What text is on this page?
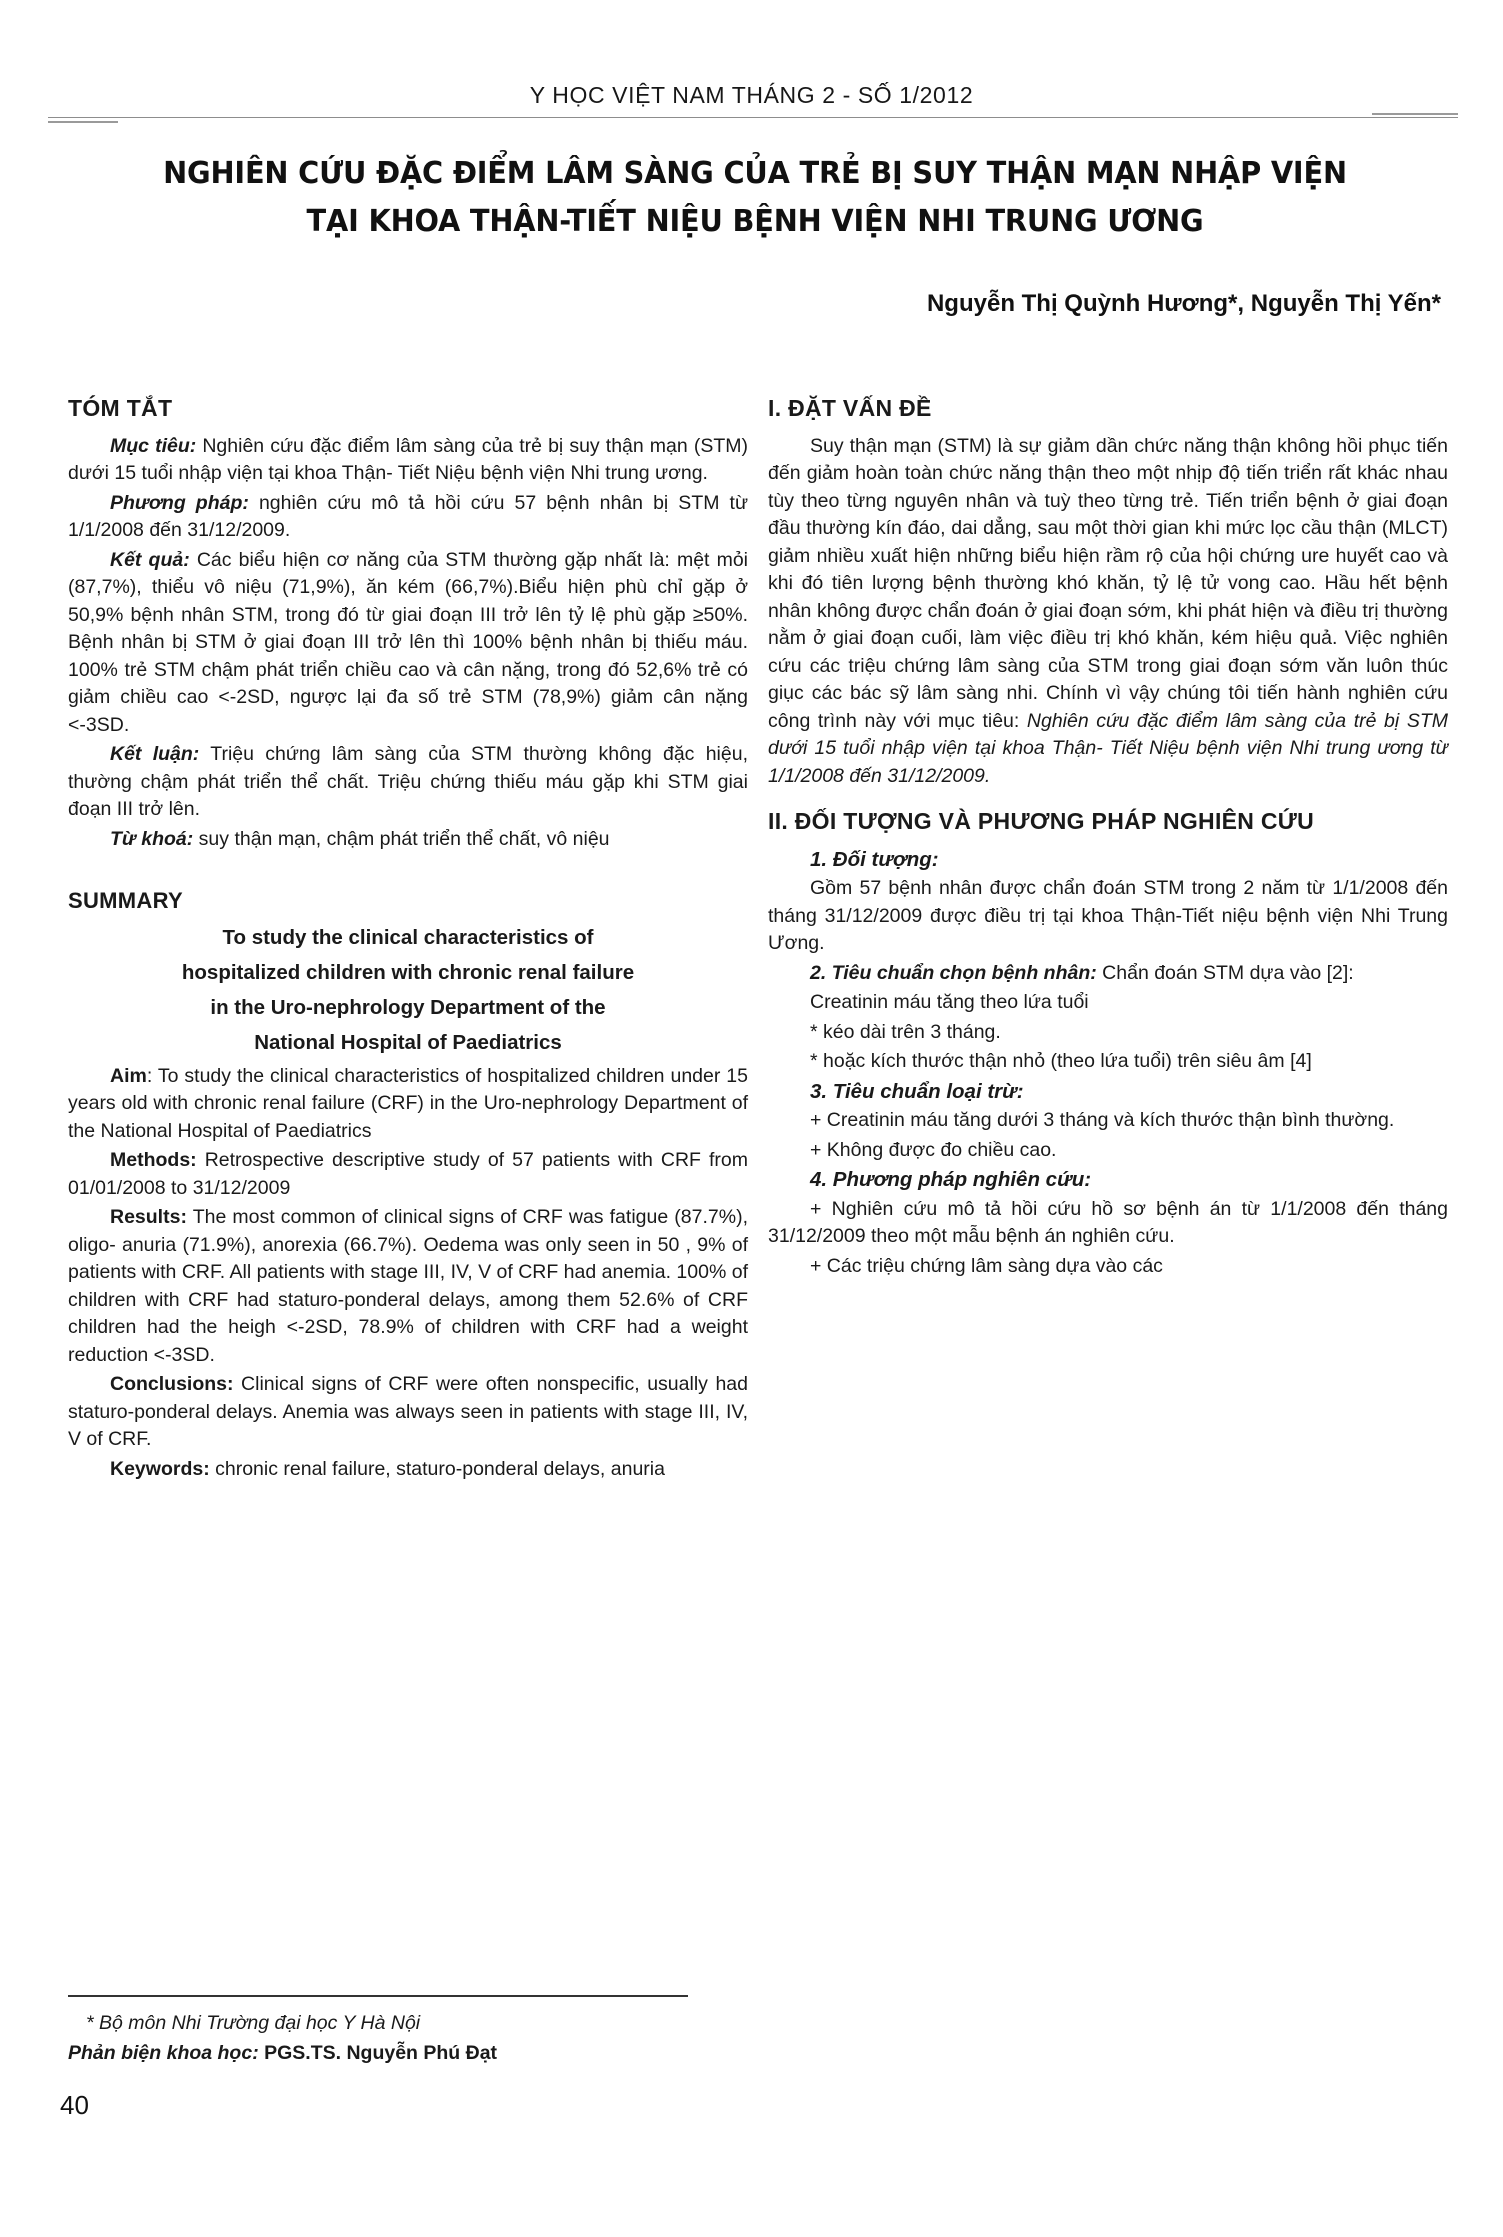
Y HỌC VIỆT NAM THÁNG 2 - SỐ 1/2012
NGHIÊN CỨU ĐẶC ĐIỂM LÂM SÀNG CỦA TRẺ BỊ SUY THẬN MẠN NHẬP VIỆN
TẠI KHOA THẬN-TIẾT NIỆU BỆNH VIỆN NHI TRUNG ƯƠNG
Nguyễn Thị Quỳnh Hương*, Nguyễn Thị Yến*
TÓM TẮT

Mục tiêu: Nghiên cứu đặc điểm lâm sàng của trẻ bị suy thận mạn (STM) dưới 15 tuổi nhập viện tại khoa Thận- Tiết Niệu bệnh viện Nhi trung ương.

Phương pháp: nghiên cứu mô tả hồi cứu 57 bệnh nhân bị STM từ 1/1/2008 đến 31/12/2009.

Kết quả: Các biểu hiện cơ năng của STM thường gặp nhất là: mệt mỏi (87,7%), thiểu vô niệu (71,9%), ăn kém (66,7%).Biểu hiện phù chỉ gặp ở 50,9% bệnh nhân STM, trong đó từ giai đoạn III trở lên tỷ lệ phù gặp ≥50%. Bệnh nhân bị STM ở giai đoạn III trở lên thì 100% bệnh nhân bị thiếu máu. 100% trẻ STM chậm phát triển chiều cao và cân nặng, trong đó 52,6% trẻ có giảm chiều cao <-2SD, ngược lại đa số trẻ STM (78,9%) giảm cân nặng <-3SD.

Kết luận: Triệu chứng lâm sàng của STM thường không đặc hiệu, thường chậm phát triển thể chất. Triệu chứng thiếu máu gặp khi STM giai đoạn III trở lên.

Từ khoá: suy thận mạn, chậm phát triển thể chất, vô niệu

SUMMARY

To study the clinical characteristics of

hospitalized children with chronic renal failure

in the Uro-nephrology Department of the

National Hospital of Paediatrics

Aim: To study the clinical characteristics of hospitalized children under 15 years old with chronic renal failure (CRF) in the Uro-nephrology Department of the National Hospital of Paediatrics

Methods: Retrospective descriptive study of 57 patients with CRF from 01/01/2008 to 31/12/2009

Results: The most common of clinical signs of CRF was fatigue (87.7%), oligo- anuria (71.9%), anorexia (66.7%). Oedema was only seen in 50 , 9% of patients with CRF. All patients with stage III, IV, V of CRF had anemia. 100% of children with CRF had staturo-ponderal delays, among them 52.6% of CRF children had the heigh <-2SD, 78.9% of children with CRF had a weight reduction <-3SD.

Conclusions: Clinical signs of CRF were often nonspecific, usually had staturo-ponderal delays. Anemia was always seen in patients with stage III, IV, V of CRF.

Keywords: chronic renal failure, staturo-ponderal delays, anuria

I. ĐẶT VẤN ĐỀ

Suy thận mạn (STM) là sự giảm dần chức năng thận không hồi phục tiến đến giảm hoàn toàn chức năng thận theo một nhịp độ tiến triển rất khác nhau tùy theo từng nguyên nhân và tuỳ theo từng trẻ. Tiến triển bệnh ở giai đoạn đầu thường kín đáo, dai dẳng, sau một thời gian khi mức lọc cầu thận (MLCT) giảm nhiều xuất hiện những biểu hiện rầm rộ của hội chứng ure huyết cao và khi đó tiên lượng bệnh thường khó khăn, tỷ lệ tử vong cao. Hầu hết bệnh nhân không được chẩn đoán ở giai đoạn sớm, khi phát hiện và điều trị thường nằm ở giai đoạn cuối, làm việc điều trị khó khăn, kém hiệu quả. Việc nghiên cứu các triệu chứng lâm sàng của STM trong giai đoạn sớm văn luôn thúc giục các bác sỹ lâm sàng nhi. Chính vì vậy chúng tôi tiến hành nghiên cứu công trình này với mục tiêu: Nghiên cứu đặc điểm lâm sàng của trẻ bị STM dưới 15 tuổi nhập viện tại khoa Thận- Tiết Niệu bệnh viện Nhi trung ương từ 1/1/2008 đến 31/12/2009.

II. ĐỐI TƯỢNG VÀ PHƯƠNG PHÁP NGHIÊN CỨU

1. Đối tượng:

Gồm 57 bệnh nhân được chẩn đoán STM trong 2 năm từ 1/1/2008 đến tháng 31/12/2009 được điều trị tại khoa Thận-Tiết niệu bệnh viện Nhi Trung Ương.

2. Tiêu chuẩn chọn bệnh nhân: Chẩn đoán STM dựa vào [2]:

Creatinin máu tăng theo lứa tuổi

* kéo dài trên 3 tháng.

* hoặc kích thước thận nhỏ (theo lứa tuổi) trên siêu âm [4]

3. Tiêu chuẩn loại trừ:

+ Creatinin máu tăng dưới 3 tháng và kích thước thận bình thường.

+ Không được đo chiều cao.

4. Phương pháp nghiên cứu:

+ Nghiên cứu mô tả hồi cứu hồ sơ bệnh án từ 1/1/2008 đến tháng 31/12/2009 theo một mẫu bệnh án nghiên cứu.

+ Các triệu chứng lâm sàng dựa vào các

* Bộ môn Nhi Trường đại học Y Hà Nội
Phản biện khoa học: PGS.TS. Nguyễn Phú Đạt
40
